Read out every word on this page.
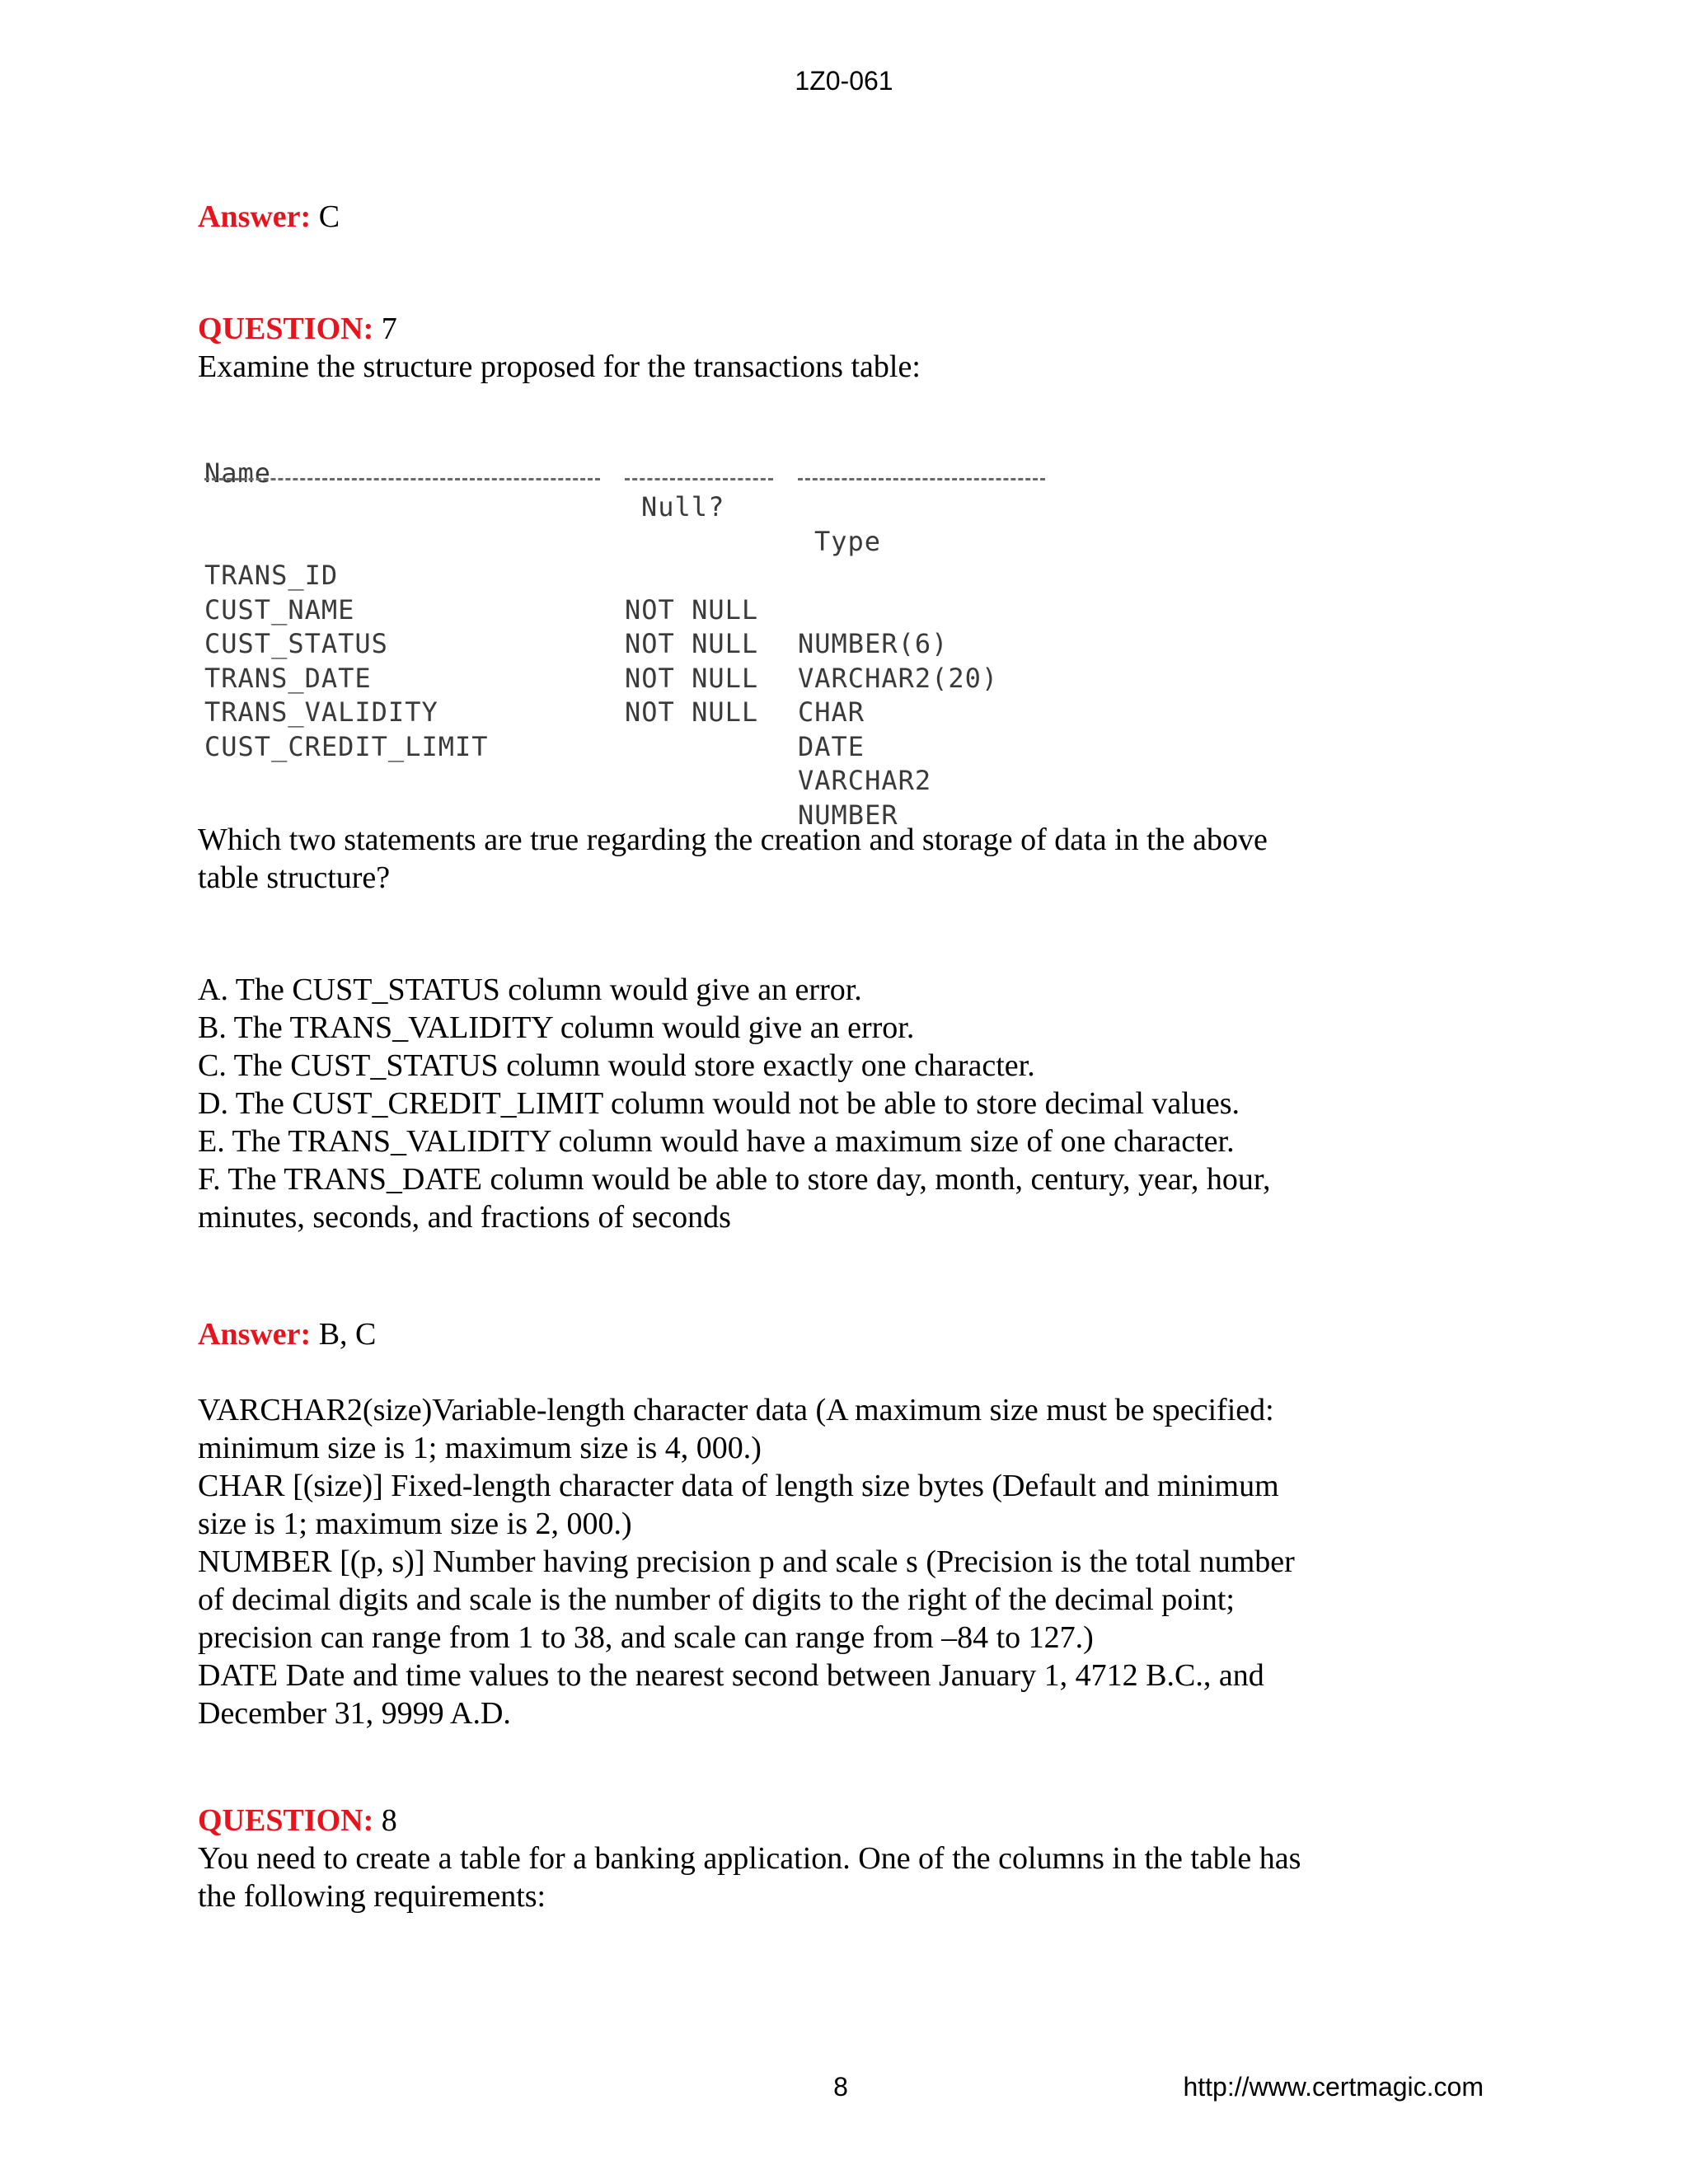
1Z0-061

Answer: C

QUESTION: 7

Examine the structure proposed for the transactions table:

Name

Null?

Type

TRANS_ID

NOT NULL

NUMBER(6)

CUST_NAME

NOT NULL

VARCHAR2(20)

CUST_STATUS

NOT NULL

CHAR

TRANS_DATE

NOT NULL

DATE

TRANS_VALIDITY

VARCHAR2

CUST_CREDIT_LIMIT

NUMBER

Which two statements are true regarding the creation and storage of data in the above

table structure?

A. The CUST_STATUS column would give an error.

B. The TRANS_VALIDITY column would give an error.

C. The CUST_STATUS column would store exactly one character.

D. The CUST_CREDIT_LIMIT column would not be able to store decimal values.

E. The TRANS_VALIDITY column would have a maximum size of one character.

F. The TRANS_DATE column would be able to store day, month, century, year, hour,

minutes, seconds, and fractions of seconds

Answer: B, C

VARCHAR2(size)Variable-length character data (A maximum size must be specified:

minimum size is 1; maximum size is 4, 000.)

CHAR [(size)] Fixed-length character data of length size bytes (Default and minimum

size is 1; maximum size is 2, 000.)

NUMBER [(p, s)] Number having precision p and scale s (Precision is the total number

of decimal digits and scale is the number of digits to the right of the decimal point;

precision can range from 1 to 38, and scale can range from –84 to 127.)

DATE Date and time values to the nearest second between January 1, 4712 B.C., and

December 31, 9999 A.D.

QUESTION: 8

You need to create a table for a banking application. One of the columns in the table has

the following requirements:

8	http://www.certmagic.com
